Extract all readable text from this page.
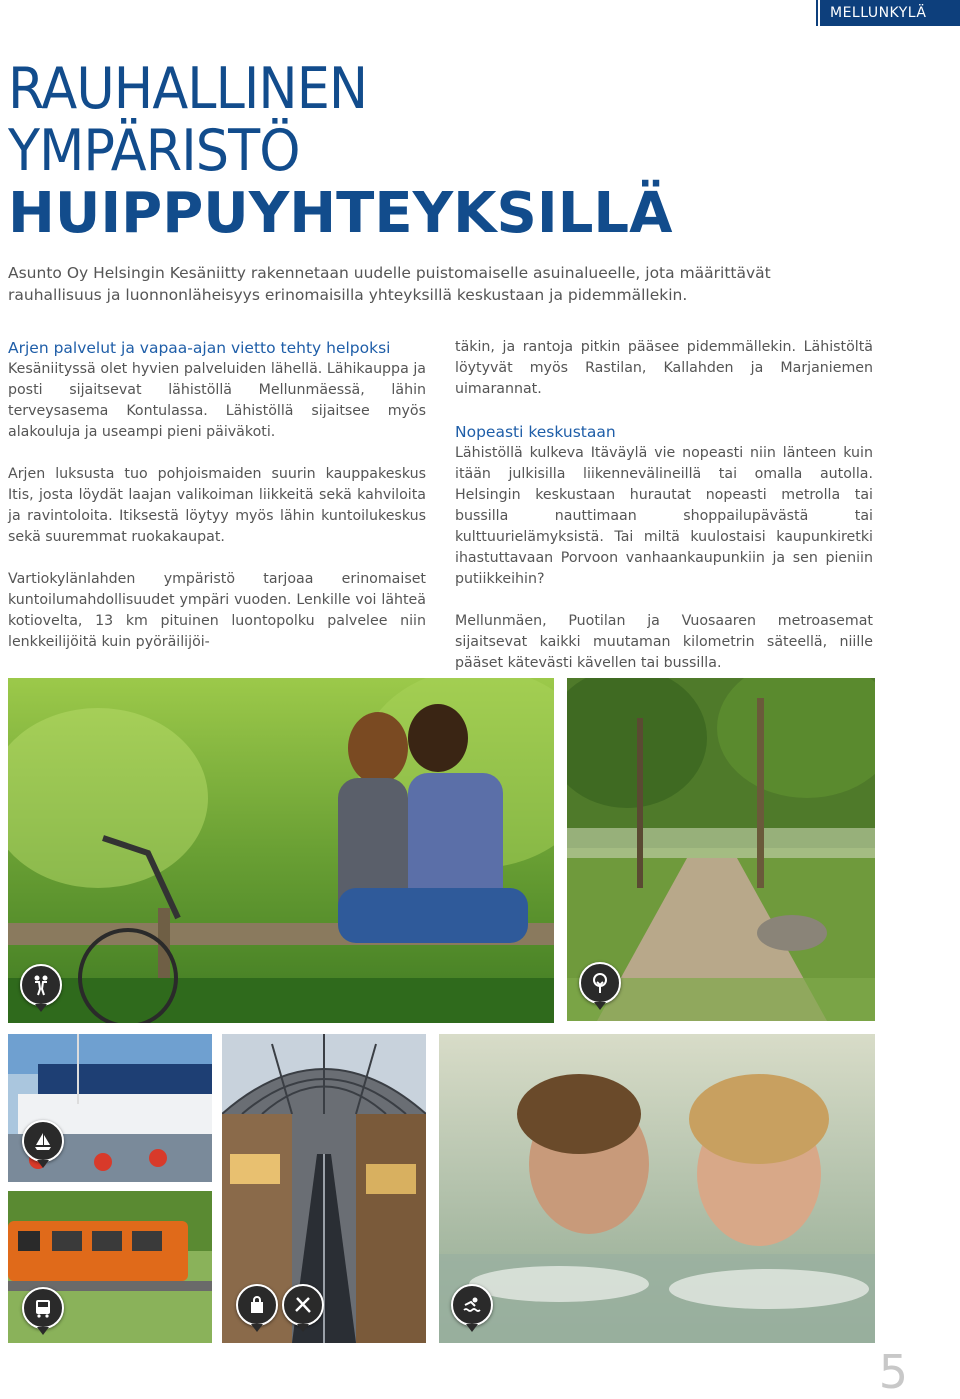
MELLUNKYLÄ
RAUHALLINEN
YMPÄRISTÖ
HUIPPUYHTEYKSILLÄ
Asunto Oy Helsingin Kesäniitty rakennetaan uudelle puistomaiselle asuinalueelle, jota määrittävät rauhallisuus ja luonnonläheisyys erinomaisilla yhteyksillä keskustaan ja pidemmällekin.
Arjen palvelut ja vapaa-ajan vietto tehty helpoksi

Kesäniityssä olet hyvien palveluiden lähellä. Lähikauppa ja posti sijaitsevat lähistöllä Mellunmäessä, lähin terveysasema Kontulassa. Lähistöllä sijaitsee myös alakouluja ja useampi pieni päiväkoti.

Arjen luksusta tuo pohjoismaiden suurin kauppakeskus Itis, josta löydät laajan valikoiman liikkeitä sekä kahviloita ja ravintoloita. Itiksestä löytyy myös lähin kuntoilukeskus sekä suuremmat ruokakaupat.

Vartiokylänlahden ympäristö tarjoaa erinomaiset kuntoilumahdollisuudet ympäri vuoden. Lenkille voi lähteä kotiovelta, 13 km pituinen luontopolku palvelee niin lenkkeilijöitä kuin pyöräilijöi-

täkin, ja rantoja pitkin pääsee pidemmällekin. Lähistöltä löytyvät myös Rastilan, Kallahden ja Marjaniemen uimarannat.

Nopeasti keskustaan

Lähistöllä kulkeva Itäväylä vie nopeasti niin länteen kuin itään julkisilla liikennevälineillä tai omalla autolla. Helsingin keskustaan hurautat nopeasti metrolla tai bussilla nauttimaan shoppailupävästä tai kulttuurielämyksistä. Tai miltä kuulostaisi kaupunkiretki ihastuttavaan Porvoon vanhaankaupunkiin ja sen pieniin putiikkeihin?

Mellunmäen, Puotilan ja Vuosaaren metroasemat sijaitsevat kaikki muutaman kilometrin säteellä, niille pääset kätevästi kävellen tai bussilla.

5
